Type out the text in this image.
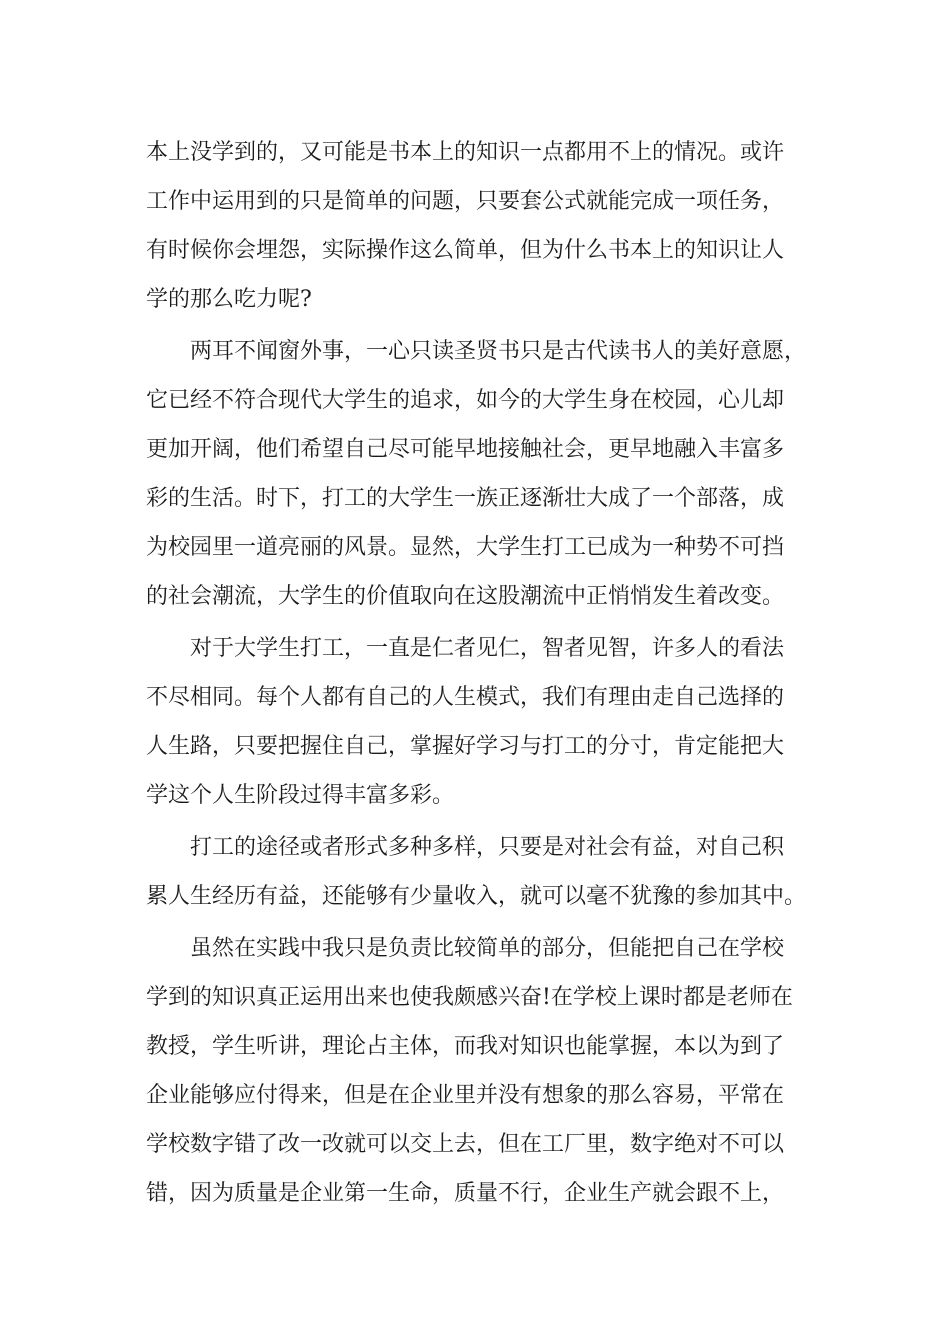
本上没学到的，又可能是书本上的知识一点都用不上的情况。或许
工作中运用到的只是简单的问题，只要套公式就能完成一项任务，
有时候你会埋怨，实际操作这么简单，但为什么书本上的知识让人
学的那么吃力呢?
两耳不闻窗外事，一心只读圣贤书只是古代读书人的美好意愿，
它已经不符合现代大学生的追求，如今的大学生身在校园，心儿却
更加开阔，他们希望自己尽可能早地接触社会，更早地融入丰富多
彩的生活。时下，打工的大学生一族正逐渐壮大成了一个部落，成
为校园里一道亮丽的风景。显然，大学生打工已成为一种势不可挡
的社会潮流，大学生的价值取向在这股潮流中正悄悄发生着改变。
对于大学生打工，一直是仁者见仁，智者见智，许多人的看法
不尽相同。每个人都有自己的人生模式，我们有理由走自己选择的
人生路，只要把握住自己，掌握好学习与打工的分寸，肯定能把大
学这个人生阶段过得丰富多彩。
打工的途径或者形式多种多样，只要是对社会有益，对自己积
累人生经历有益，还能够有少量收入，就可以毫不犹豫的参加其中。
虽然在实践中我只是负责比较简单的部分，但能把自己在学校
学到的知识真正运用出来也使我颇感兴奋!在学校上课时都是老师在
教授，学生听讲，理论占主体，而我对知识也能掌握，本以为到了
企业能够应付得来，但是在企业里并没有想象的那么容易，平常在
学校数字错了改一改就可以交上去，但在工厂里，数字绝对不可以
错，因为质量是企业第一生命，质量不行，企业生产就会跟不上，
